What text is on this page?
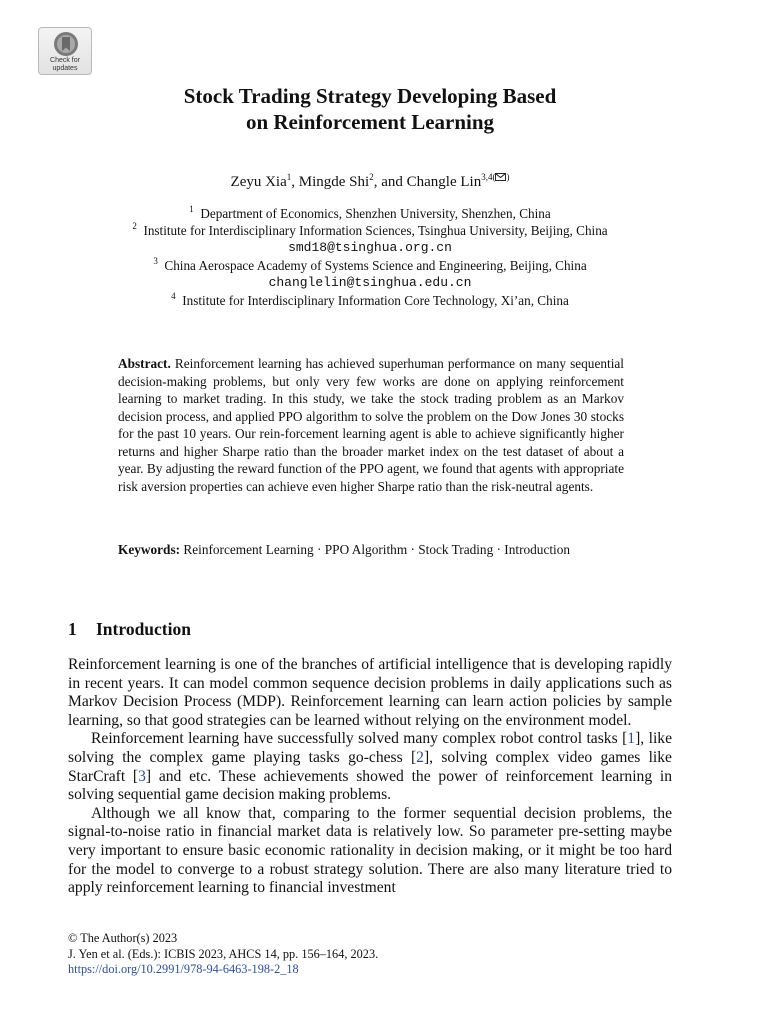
Check for
updates
Stock Trading Strategy Developing Based
on Reinforcement Learning
Zeyu Xia$^1$, Mingde Shi$^2$, and Changle Lin$^{3,4( )}$
$^1$ Department of Economics, Shenzhen University, Shenzhen, China
$^2$ Institute for Interdisciplinary Information Sciences, Tsinghua University, Beijing, China
smd18@tsinghua.org.cn
$^3$ China Aerospace Academy of Systems Science and Engineering, Beijing, China
changlelin@tsinghua.edu.cn
$^4$ Institute for Interdisciplinary Information Core Technology, Xi’an, China
Abstract. Reinforcement learning has achieved superhuman performance on many sequential decision-making problems, but only very few works are done on applying reinforcement learning to market trading. In this study, we take the stock trading problem as an Markov decision process, and applied PPO algorithm to solve the problem on the Dow Jones 30 stocks for the past 10 years. Our rein-forcement learning agent is able to achieve significantly higher returns and higher Sharpe ratio than the broader market index on the test dataset of about a year. By adjusting the reward function of the PPO agent, we found that agents with appropriate risk aversion properties can achieve even higher Sharpe ratio than the risk-neutral agents.
Keywords: Reinforcement Learning · PPO Algorithm · Stock Trading · Introduction
1 Introduction

Reinforcement learning is one of the branches of artificial intelligence that is developing rapidly in recent years. It can model common sequence decision problems in daily applications such as Markov Decision Process (MDP). Reinforcement learning can learn action policies by sample learning, so that good strategies can be learned without relying on the environment model.

Reinforcement learning have successfully solved many complex robot control tasks [1], like solving the complex game playing tasks go-chess [2], solving complex video games like StarCraft [3] and etc. These achievements showed the power of reinforcement learning in solving sequential game decision making problems.

Although we all know that, comparing to the former sequential decision problems, the signal-to-noise ratio in financial market data is relatively low. So parameter pre-setting maybe very important to ensure basic economic rationality in decision making, or it might be too hard for the model to converge to a robust strategy solution. There are also many literature tried to apply reinforcement learning to financial investment

© The Author(s) 2023
J. Yen et al. (Eds.): ICBIS 2023, AHCS 14, pp. 156–164, 2023.
https://doi.org/10.2991/978-94-6463-198-2_18
